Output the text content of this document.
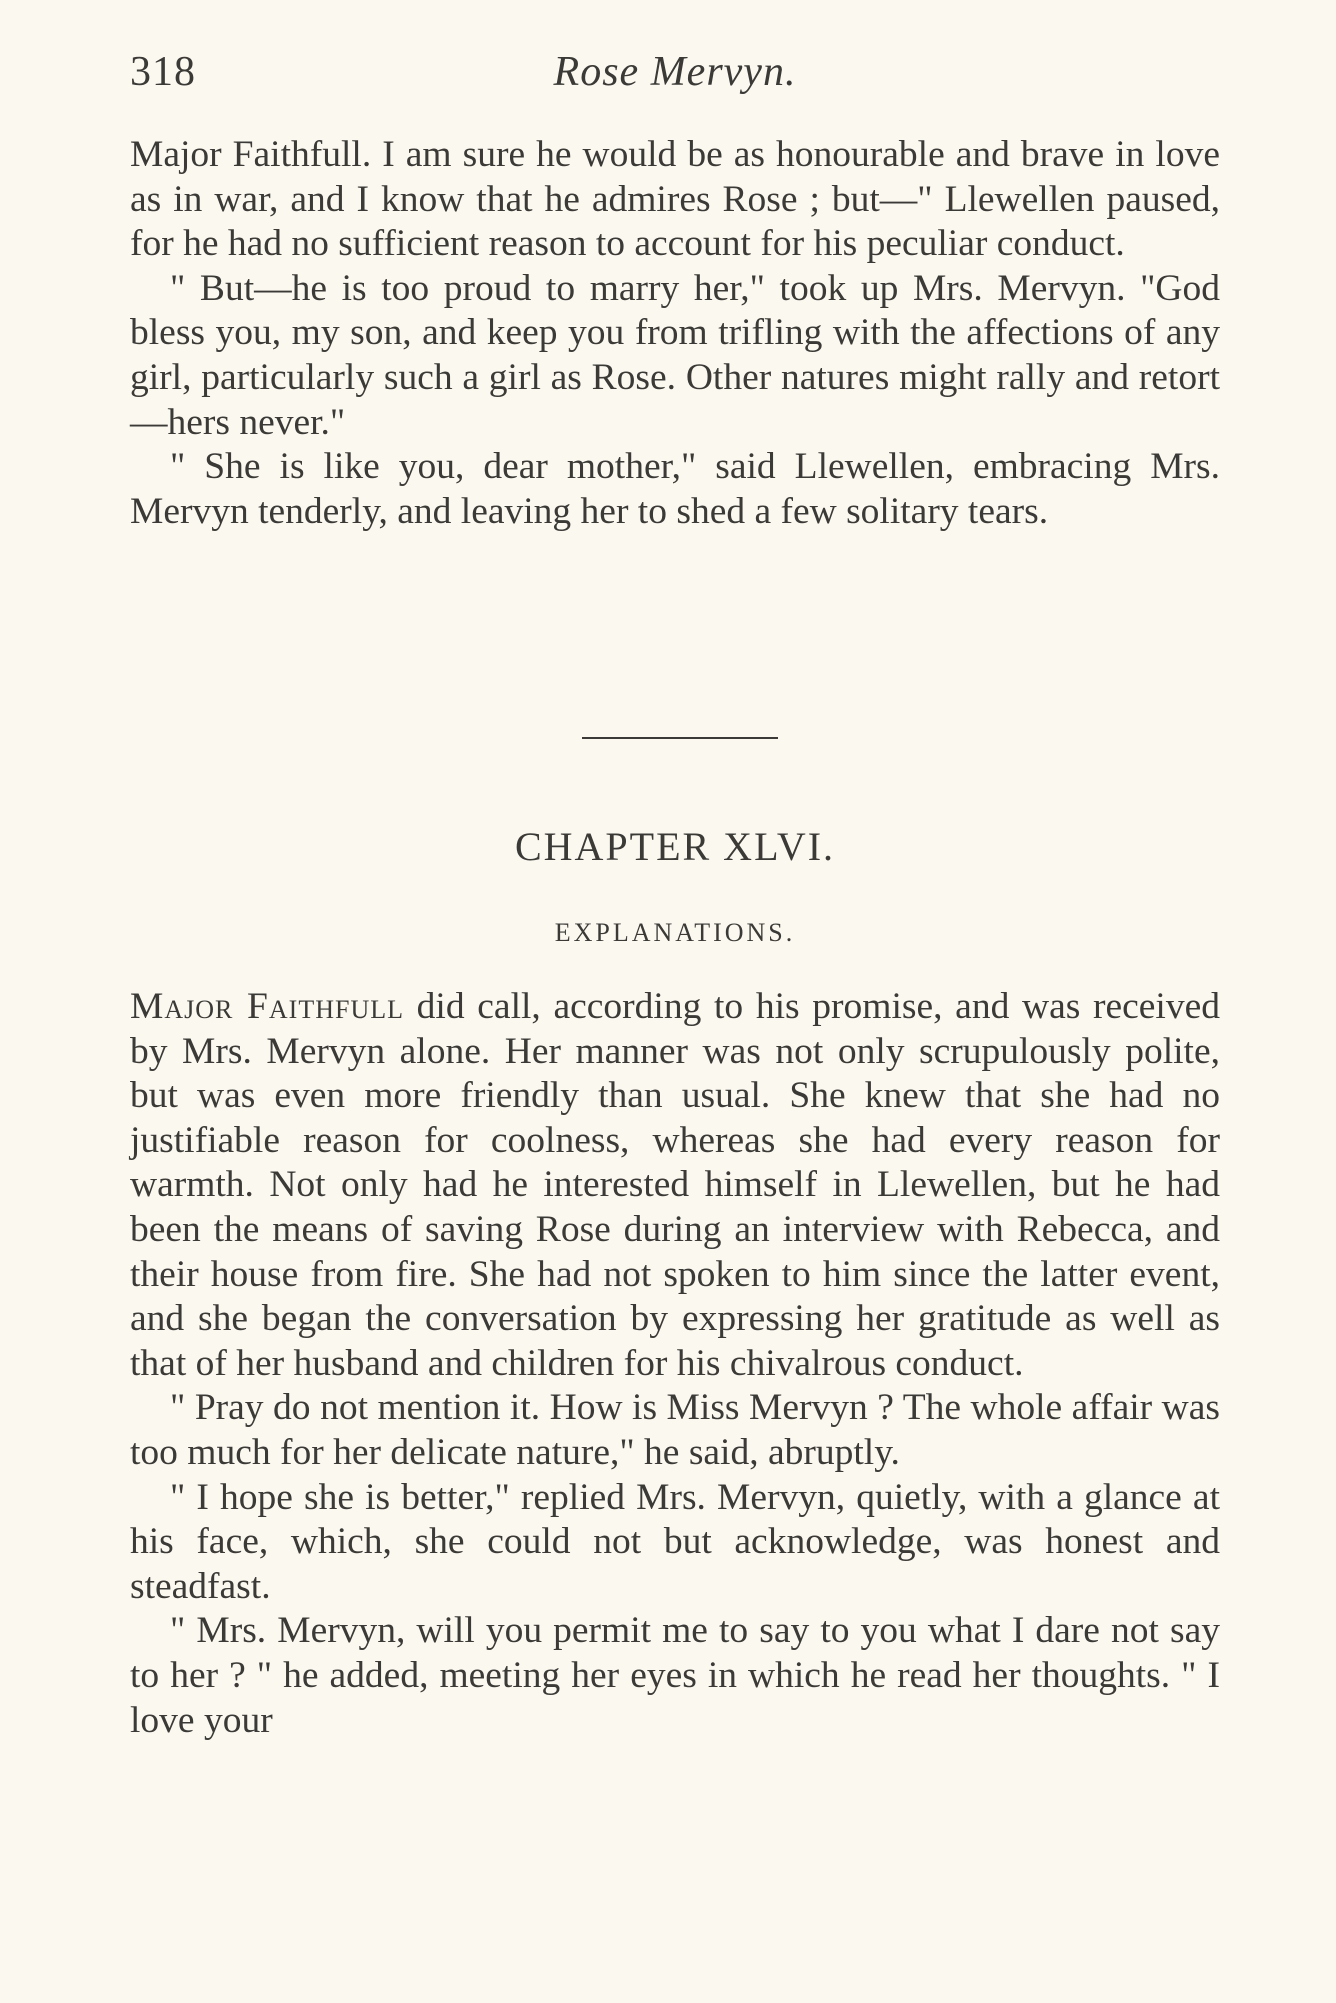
318	Rose Mervyn.

Major Faithfull. I am sure he would be as honourable and brave in love as in war, and I know that he admires Rose ; but—" Llewellen paused, for he had no sufficient reason to account for his peculiar conduct.

" But—he is too proud to marry her," took up Mrs. Mervyn. "God bless you, my son, and keep you from trifling with the affections of any girl, particularly such a girl as Rose. Other natures might rally and retort—hers never."

" She is like you, dear mother," said Llewellen, embracing Mrs. Mervyn tenderly, and leaving her to shed a few solitary tears.

CHAPTER XLVI.
EXPLANATIONS.

Major Faithfull did call, according to his promise, and was received by Mrs. Mervyn alone. Her manner was not only scrupulously polite, but was even more friendly than usual. She knew that she had no justifiable reason for coolness, whereas she had every reason for warmth. Not only had he interested himself in Llewellen, but he had been the means of saving Rose during an interview with Rebecca, and their house from fire. She had not spoken to him since the latter event, and she began the conversation by expressing her gratitude as well as that of her husband and children for his chivalrous conduct.

" Pray do not mention it. How is Miss Mervyn ? The whole affair was too much for her delicate nature," he said, abruptly.

" I hope she is better," replied Mrs. Mervyn, quietly, with a glance at his face, which, she could not but acknowledge, was honest and steadfast.

" Mrs. Mervyn, will you permit me to say to you what I dare not say to her ? " he added, meeting her eyes in which he read her thoughts. " I love your
